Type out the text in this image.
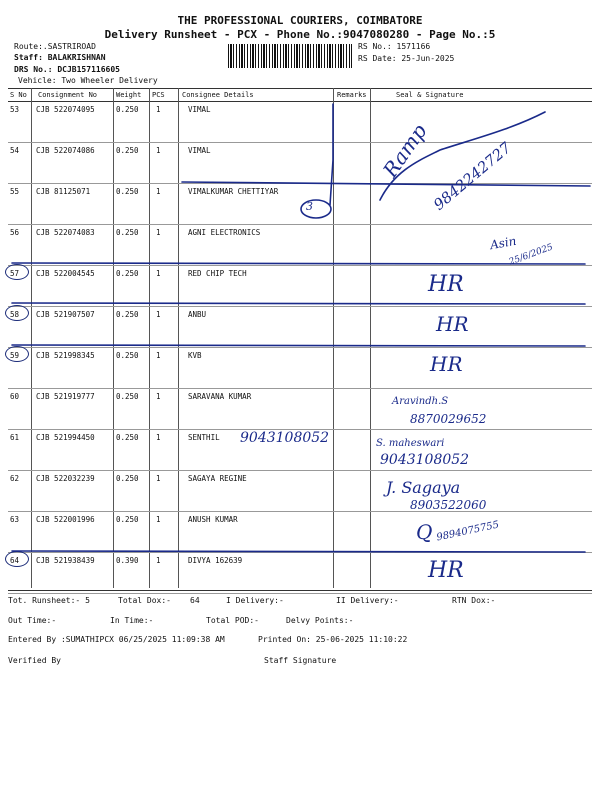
THE PROFESSIONAL COURIERS, COIMBATORE
Delivery Runsheet - PCX - Phone No.:9047080280 - Page No.:5
Route:.SASTRIROAD
Staff: BALAKRISHNAN
DRS No.: DCJB157116605
Vehicle: Two Wheeler Delivery
RS No.: 1571166
RS Date: 25-Jun-2025
S No Consignment No	Weight PCS Consignee Details	Remarks	Seal & Signature
53 CJB 522074095	0.250 1	VIMAL
54 CJB 522074086	0.250 1	VIMAL
55 CJB 81125071	0.250 1	VIMALKUMAR CHETTIYAR
56 CJB 522074083	0.250 1	AGNI ELECTRONICS
57 CJB 522004545	0.250 1	RED CHIP TECH
58 CJB 521907507	0.250 1	ANBU
59 CJB 521998345	0.250 1	KVB
60 CJB 521919777	0.250 1	SARAVANA KUMAR
61 CJB 521994450	0.250 1	SENTHIL
62 CJB 522032239	0.250 1	SAGAYA REGINE
63 CJB 522001996	0.250 1	ANUSH KUMAR
64 CJB 521938439	0.390 1	DIVYA 162639
3
Ramp
9842242727
Asin
25/6/2025
HR
HR
HR
Aravindh.S
8870029652
9043108052	S. maheswari
9043108052
J. Sagaya
8903522060
Q 9894075755
HR
Tot. Runsheet:- 5	Total Dox:- 64	I Delivery:-	II Delivery:-	RTN Dox:-
Out Time:-	In Time:-	Total POD:-	Delvy Points:-
Entered By :SUMATHIPCX 06/25/2025 11:09:38 AM	Printed On: 25-06-2025 11:10:22
Verified By	Staff Signature
